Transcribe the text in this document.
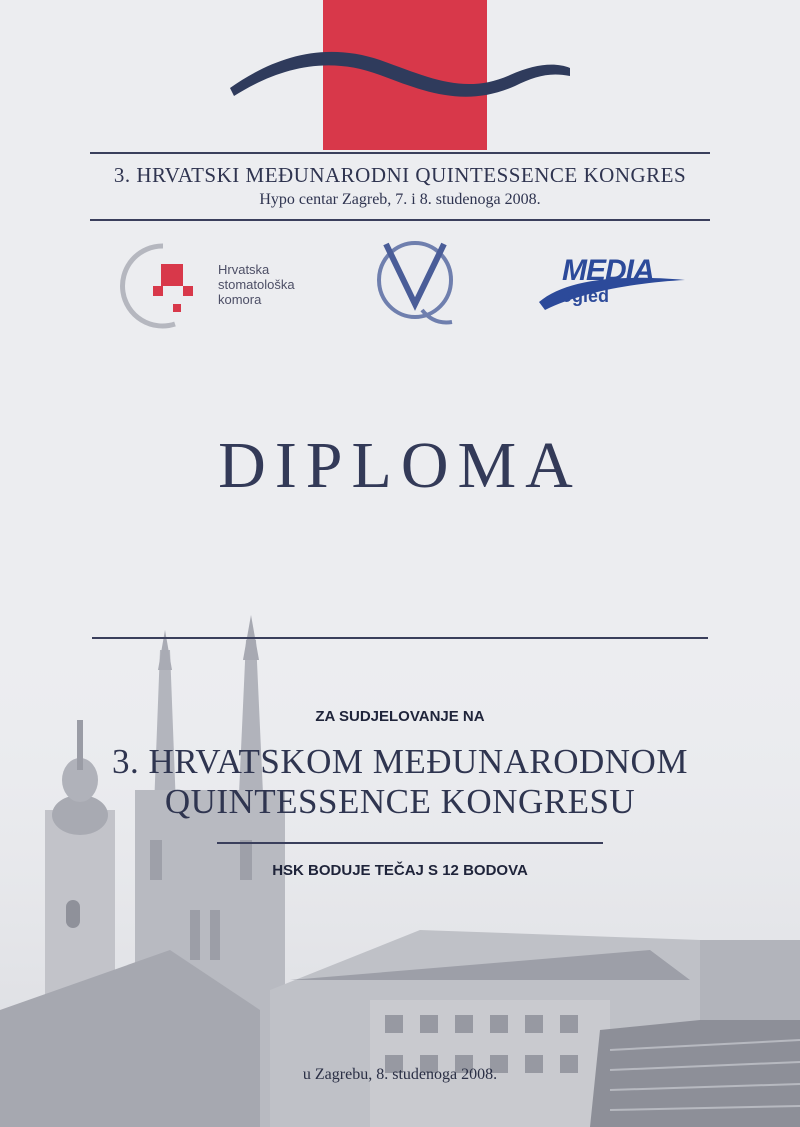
3. HRVATSKI MEĐUNARODNI QUINTESSENCE KONGRES
Hypo centar Zagreb, 7. i 8. studenoga 2008.
Hrvatska
stomatološka
komora
MEDIA
ogled
DIPLOMA
ZA SUDJELOVANJE NA
3. HRVATSKOM MEĐUNARODNOM
QUINTESSENCE KONGRESU
HSK BODUJE TEČAJ S 12 BODOVA
u Zagrebu, 8. studenoga 2008.
